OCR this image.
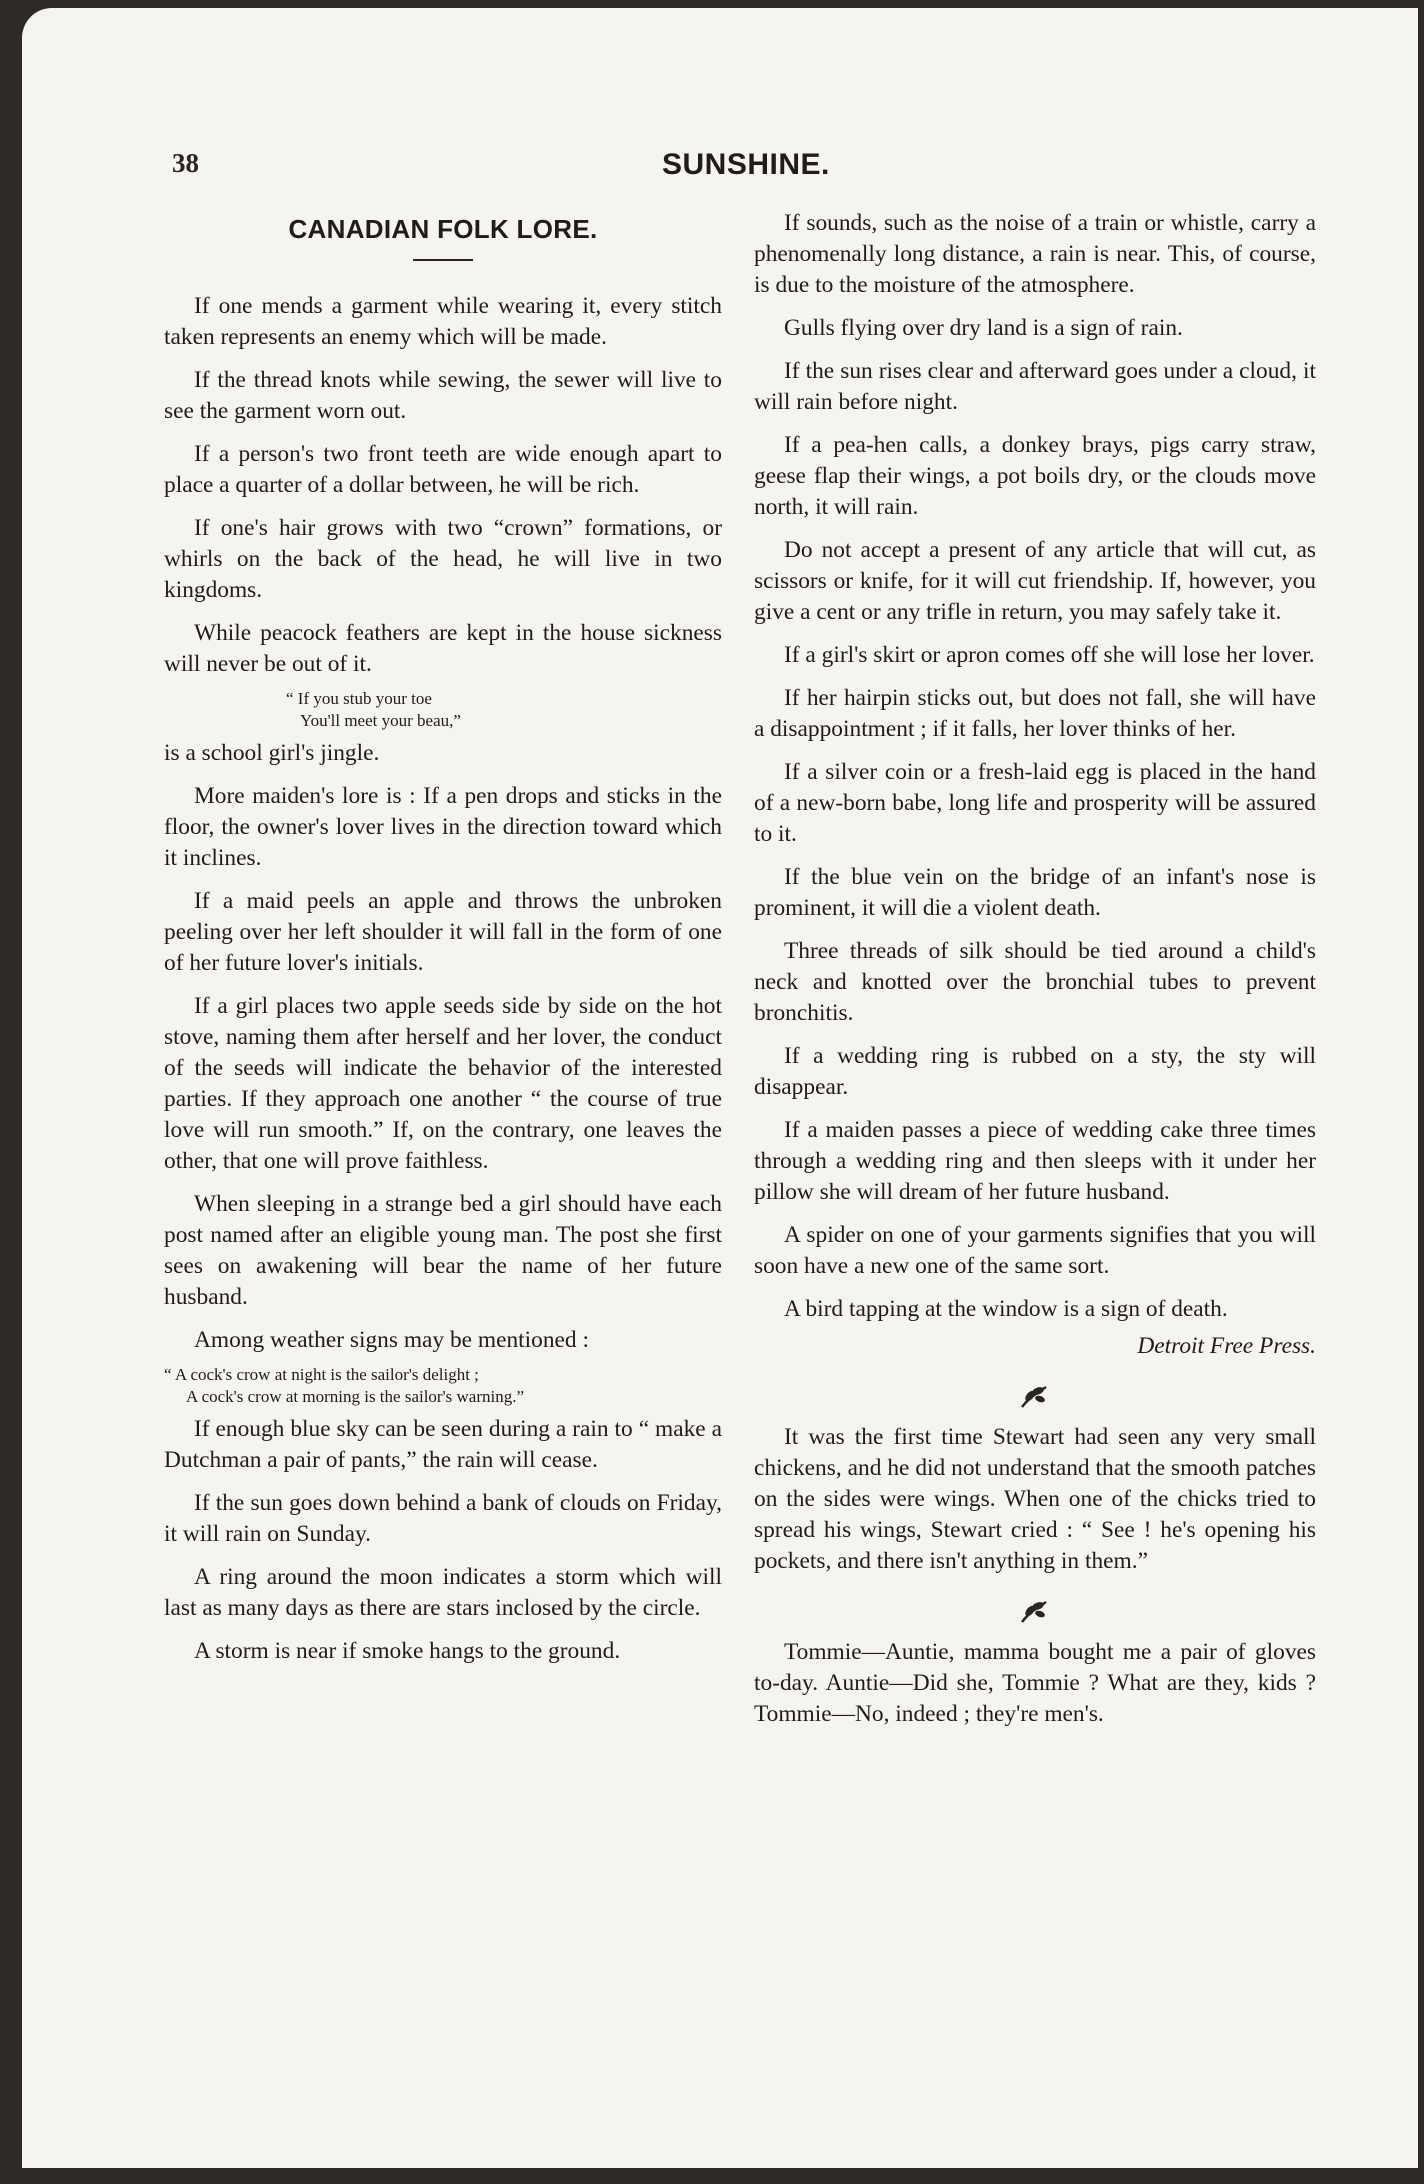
38	SUNSHINE.
CANADIAN FOLK LORE.

If one mends a garment while wearing it, every stitch taken represents an enemy which will be made.

If the thread knots while sewing, the sewer will live to see the garment worn out.

If a person's two front teeth are wide enough apart to place a quarter of a dollar between, he will be rich.

If one's hair grows with two “crown” formations, or whirls on the back of the head, he will live in two kingdoms.

While peacock feathers are kept in the house sickness will never be out of it.

“ If you stub your toe
You'll meet your beau,”

is a school girl's jingle.

More maiden's lore is : If a pen drops and sticks in the floor, the owner's lover lives in the direction toward which it inclines.

If a maid peels an apple and throws the unbroken peeling over her left shoulder it will fall in the form of one of her future lover's initials.

If a girl places two apple seeds side by side on the hot stove, naming them after herself and her lover, the conduct of the seeds will indicate the behavior of the interested parties. If they approach one another “ the course of true love will run smooth.” If, on the contrary, one leaves the other, that one will prove faithless.

When sleeping in a strange bed a girl should have each post named after an eligible young man. The post she first sees on awakening will bear the name of her future husband.

Among weather signs may be mentioned :

“ A cock's crow at night is the sailor's delight ;
A cock's crow at morning is the sailor's warning.”

If enough blue sky can be seen during a rain to “ make a Dutchman a pair of pants,” the rain will cease.

If the sun goes down behind a bank of clouds on Friday, it will rain on Sunday.

A ring around the moon indicates a storm which will last as many days as there are stars inclosed by the circle.

A storm is near if smoke hangs to the ground.

If sounds, such as the noise of a train or whistle, carry a phenomenally long distance, a rain is near. This, of course, is due to the moisture of the atmosphere.

Gulls flying over dry land is a sign of rain.

If the sun rises clear and afterward goes under a cloud, it will rain before night.

If a pea-hen calls, a donkey brays, pigs carry straw, geese flap their wings, a pot boils dry, or the clouds move north, it will rain.

Do not accept a present of any article that will cut, as scissors or knife, for it will cut friendship. If, however, you give a cent or any trifle in return, you may safely take it.

If a girl's skirt or apron comes off she will lose her lover.

If her hairpin sticks out, but does not fall, she will have a disappointment ; if it falls, her lover thinks of her.

If a silver coin or a fresh-laid egg is placed in the hand of a new-born babe, long life and prosperity will be assured to it.

If the blue vein on the bridge of an infant's nose is prominent, it will die a violent death.

Three threads of silk should be tied around a child's neck and knotted over the bronchial tubes to prevent bronchitis.

If a wedding ring is rubbed on a sty, the sty will disappear.

If a maiden passes a piece of wedding cake three times through a wedding ring and then sleeps with it under her pillow she will dream of her future husband.

A spider on one of your garments signifies that you will soon have a new one of the same sort.

A bird tapping at the window is a sign of death.

Detroit Free Press.

It was the first time Stewart had seen any very small chickens, and he did not understand that the smooth patches on the sides were wings. When one of the chicks tried to spread his wings, Stewart cried : “ See ! he's opening his pockets, and there isn't anything in them.”

Tommie—Auntie, mamma bought me a pair of gloves to-day. Auntie—Did she, Tommie ? What are they, kids ? Tommie—No, indeed ; they're men's.
